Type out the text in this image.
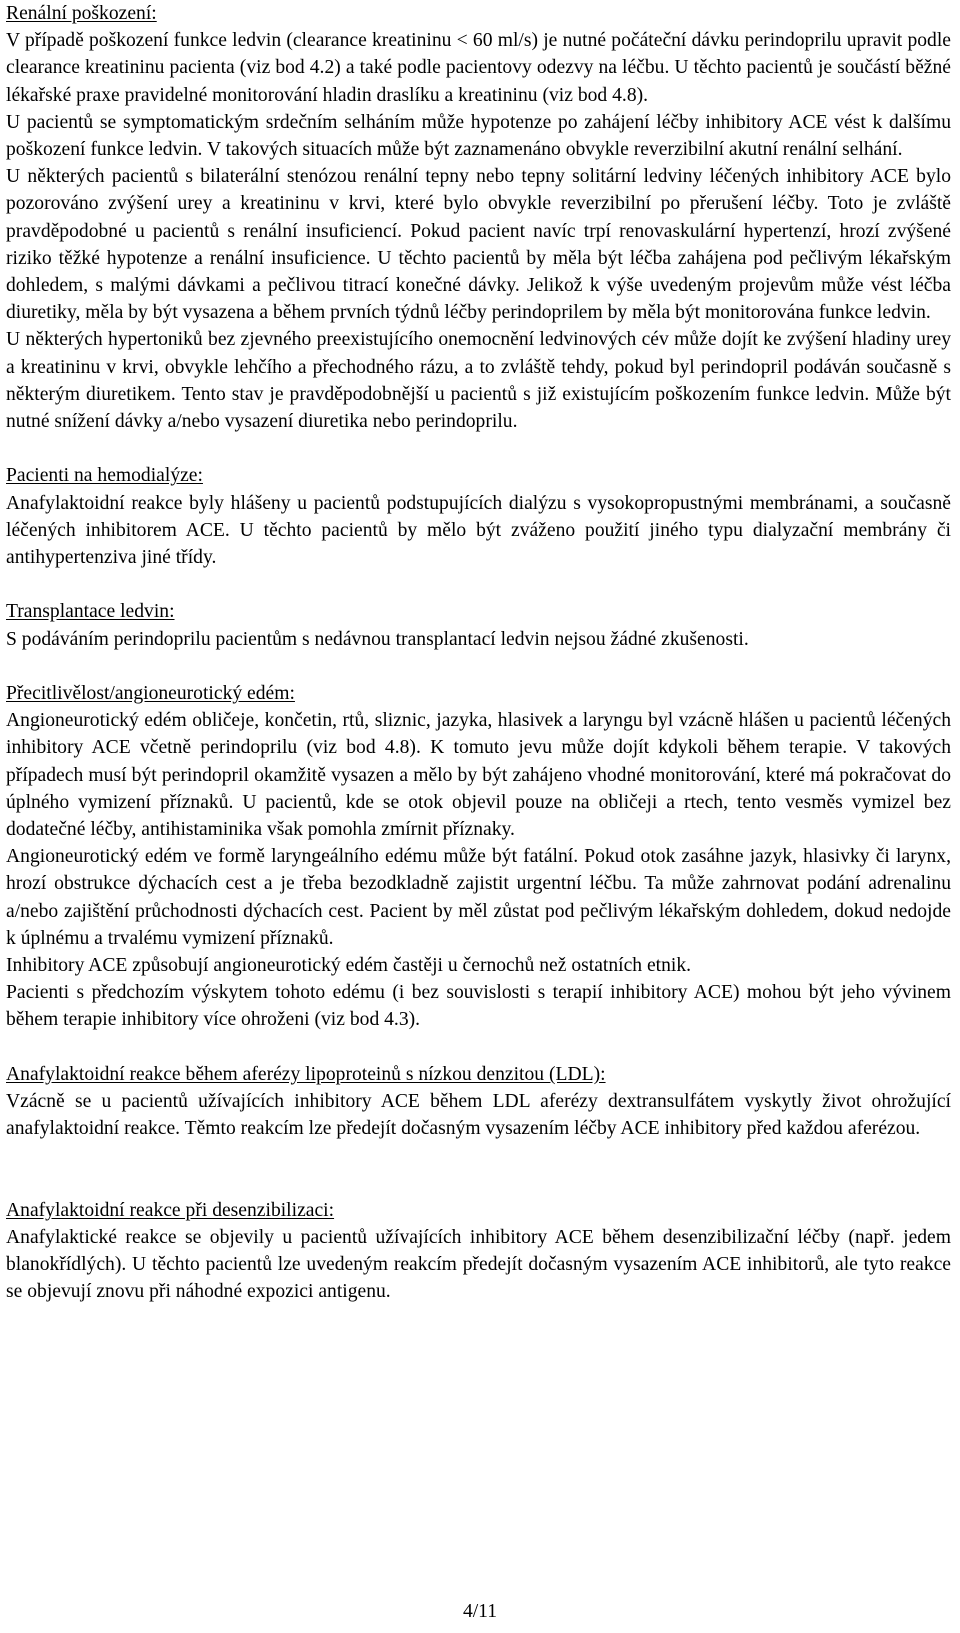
Renální poškození:

V případě poškození funkce ledvin (clearance kreatininu < 60 ml/s) je nutné počáteční dávku perindoprilu upravit podle clearance kreatininu pacienta (viz bod 4.2) a také podle pacientovy odezvy na léčbu. U těchto pacientů je součástí běžné lékařské praxe pravidelné monitorování hladin draslíku a kreatininu (viz bod 4.8).

U pacientů se symptomatickým srdečním selháním může hypotenze po zahájení léčby inhibitory ACE vést k dalšímu poškození funkce ledvin. V takových situacích může být zaznamenáno obvykle reverzibilní akutní renální selhání.

U některých pacientů s bilaterální stenózou renální tepny nebo tepny solitární ledviny léčených inhibitory ACE bylo pozorováno zvýšení urey a kreatininu v krvi, které bylo obvykle reverzibilní po přerušení léčby. Toto je zvláště pravděpodobné u pacientů s renální insuficiencí. Pokud pacient navíc trpí renovaskulární hypertenzí, hrozí zvýšené riziko těžké hypotenze a renální insuficience. U těchto pacientů by měla být léčba zahájena pod pečlivým lékařským dohledem, s malými dávkami a pečlivou titrací konečné dávky. Jelikož k výše uvedeným projevům může vést léčba diuretiky, měla by být vysazena a během prvních týdnů léčby perindoprilem by měla být monitorována funkce ledvin.

U některých hypertoniků bez zjevného preexistujícího onemocnění ledvinových cév může dojít ke zvýšení hladiny urey a kreatininu v krvi, obvykle lehčího a přechodného rázu, a to zvláště tehdy, pokud byl perindopril podáván současně s některým diuretikem. Tento stav je pravděpodobnější u pacientů s již existujícím poškozením funkce ledvin. Může být nutné snížení dávky a/nebo vysazení diuretika nebo perindoprilu.

Pacienti na hemodialýze:

Anafylaktoidní reakce byly hlášeny u pacientů podstupujících dialýzu s vysokopropustnými membránami, a současně léčených inhibitorem ACE. U těchto pacientů by mělo být zváženo použití jiného typu dialyzační membrány či antihypertenziva jiné třídy.

Transplantace ledvin:

S podáváním perindoprilu pacientům s nedávnou transplantací ledvin nejsou žádné zkušenosti.

Přecitlivělost/angioneurotický edém:

Angioneurotický edém obličeje, končetin, rtů, sliznic, jazyka, hlasivek a laryngu byl vzácně hlášen u pacientů léčených inhibitory ACE včetně perindoprilu (viz bod 4.8). K tomuto jevu může dojít kdykoli během terapie. V takových případech musí být perindopril okamžitě vysazen a mělo by být zahájeno vhodné monitorování, které má pokračovat do úplného vymizení příznaků. U pacientů, kde se otok objevil pouze na obličeji a rtech, tento vesměs vymizel bez dodatečné léčby, antihistaminika však pomohla zmírnit příznaky.

Angioneurotický edém ve formě laryngeálního edému může být fatální. Pokud otok zasáhne jazyk, hlasivky či larynx, hrozí obstrukce dýchacích cest a je třeba bezodkladně zajistit urgentní léčbu. Ta může zahrnovat podání adrenalinu a/nebo zajištění průchodnosti dýchacích cest. Pacient by měl zůstat pod pečlivým lékařským dohledem, dokud nedojde k úplnému a trvalému vymizení příznaků.

Inhibitory ACE způsobují angioneurotický edém častěji u černochů než ostatních etnik.

Pacienti s předchozím výskytem tohoto edému (i bez souvislosti s terapií inhibitory ACE) mohou být jeho vývinem během terapie inhibitory více ohroženi (viz bod 4.3).

Anafylaktoidní reakce během aferézy lipoproteinů s nízkou denzitou (LDL):

Vzácně se u pacientů užívajících inhibitory ACE během LDL aferézy dextransulfátem vyskytly život ohrožující anafylaktoidní reakce. Těmto reakcím lze předejít dočasným vysazením léčby ACE inhibitory před každou aferézou.

Anafylaktoidní reakce při desenzibilizaci:

Anafylaktické reakce se objevily u pacientů užívajících inhibitory ACE během desenzibilizační léčby (např. jedem blanokřídlých). U těchto pacientů lze uvedeným reakcím předejít dočasným vysazením ACE inhibitorů, ale tyto reakce se objevují znovu při náhodné expozici antigenu.

4/11
